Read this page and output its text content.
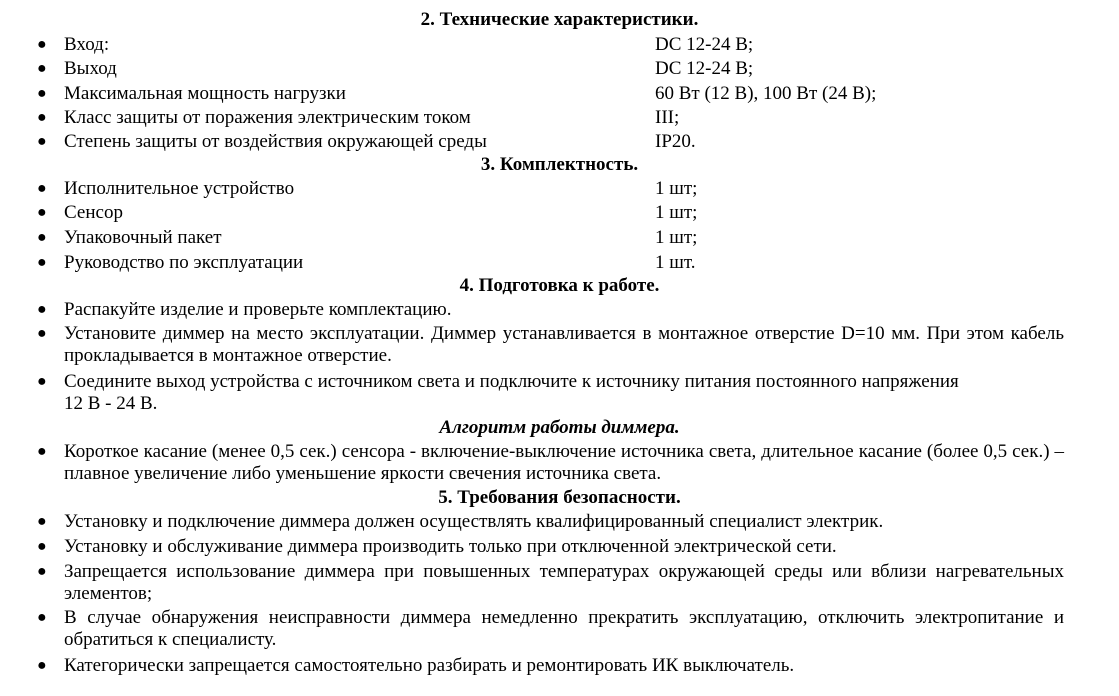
2. Технические характеристики.
● Вход:	DC 12-24 В;
● Выход	DC 12-24 В;
● Максимальная мощность нагрузки	60 Вт (12 В), 100 Вт (24 В);
● Класс защиты от поражения электрическим током	III;
● Степень защиты от воздействия окружающей среды	IP20.
3. Комплектность.
● Исполнительное устройство	1 шт;
● Сенсор	1 шт;
● Упаковочный пакет	1 шт;
● Руководство по эксплуатации	1 шт.
4. Подготовка к работе.
● Распакуйте изделие и проверьте комплектацию.
● Установите диммер на место эксплуатации. Диммер устанавливается в монтажное отверстие D=10 мм. При этом кабель прокладывается в монтажное отверстие.
● Соедините выход устройства с источником света и подключите к источнику питания постоянного напряжения
12 В - 24 В.
Алгоритм работы диммера.
● Короткое касание (менее 0,5 сек.) сенсора - включение-выключение источника света, длительное касание (более 0,5 сек.) – плавное увеличение либо уменьшение яркости свечения источника света.
5. Требования безопасности.
● Установку и подключение диммера должен осуществлять квалифицированный специалист электрик.
● Установку и обслуживание диммера производить только при отключенной электрической сети.
● Запрещается использование диммера при повышенных температурах окружающей среды или вблизи нагревательных элементов;
● В случае обнаружения неисправности диммера немедленно прекратить эксплуатацию, отключить электропитание и обратиться к специалисту.
● Категорически запрещается самостоятельно разбирать и ремонтировать ИК выключатель.
